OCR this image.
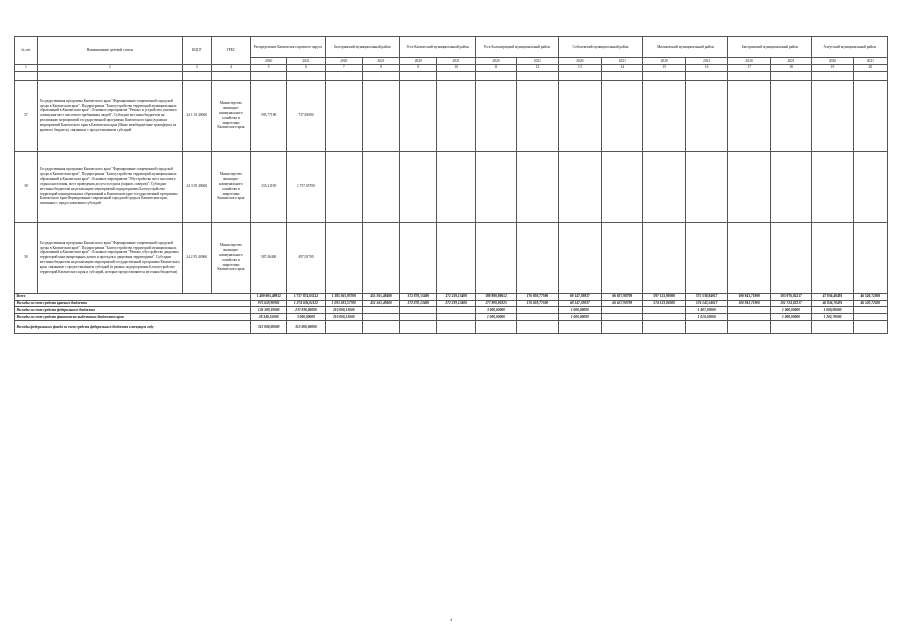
№ п/п	Наименование целевой статьи	КЦСР	ГРБС	Распределение Камчатского краевого округа		Быстринский муниципальный район		Усть-Камчатский муниципальный район		Усть-Большерецкий муниципальный район		Соболевский муниципальный район		Мильковский муниципальный район		Быстринский муниципальный район		Алеутский муниципальный район	
				2020	2021	2020	2021	2020	2021	2020	2021	2020	2021	2020	2021	2020	2021	2020	2021
1	2	3	4	5	6	7	8	9	10	11	12	13	14	15	16	17	18	19	20

37	Государственная программа Камчатского края "Формирование современной городской среды в Камчатском крае". Подпрограмма "Благоустройство территорий муниципальных образований в Камчатском крае". Основное мероприятие "Ремонт и устройство уличного освещения мест массового пребывания людей". Субсидии местным бюджетам на реализацию мероприятий государственной программы Камчатского края (в рамках мероприятий Камчатского края в Камчатском крае (Иные межбюджетные трансферты из краевого бюджета), связанные с предоставлением субсидий	24 1 03 40060	Министерство жилищно-коммунального хозяйства и энергетики Камчатского края	595,77180	737,83000														
38	Государственная программа Камчатского края "Формирование современной городской среды в Камчатском крае". Подпрограмма "Благоустройство территорий муниципальных образований в Камчатском крае". Основное мероприятие "Обустройство мест массового отдыха населения, мест проведения досуга и отдыха (парков, скверов)". Субсидии местным бюджетам на реализацию мероприятий подпрограммы Благоустройство территорий муниципальных образований в Камчатском крае государственной программы Камчатского края Формирование современной городской среды в Камчатском крае, связанные с предоставлением субсидий	24 3 05 40060	Министерство жилищно-коммунального хозяйства и энергетики Камчатского края	335,21190	1 757,05700														
39	Государственная программа Камчатского края "Формирование современной городской среды в Камчатском крае". Подпрограмма "Благоустройство территорий муниципальных образований в Камчатском крае". Основное мероприятие "Ремонт, обустройство дворовых территорий многоквартирных домов и проездов к дворовым территориям". Субсидии местным бюджетам на реализацию мероприятий государственной программы Камчатского края, связанные с предоставлением субсидий (в рамках подпрограммы Благоустройство территорий Камчатского края и субсидий, которые предоставляются местным бюджетам)	24 2 F2 40060	Министерство жилищно-коммунального хозяйства и энергетики Камчатского края	587,46400	497,93700														
Всего				1 400 005,49932	1 757 874,63122	1 383 565,95700	451 561,49400	372 870,13400	272 239,13400	180 890,80612	176 059,77500	69 147,59837	66 657,98798	597 123,90500	575 530,84017	100 943,71900	103 976,02217	47 836,40491	46 520,72050
Расходы за счет средств краевого бюджета				975 659,90985	1 274 036,01122	1 093 583,57700	451 561,49400	372 870,13400	272 239,13400	177 890,80325	176 059,77500	68 147,59837	66 657,98798	574 123,80300	574 143,54017	100 943,71900	101 724,82217	46 836,70491	46 520,72050
Расходы за счет средств федерального бюджета				126 309,19000	237 830,00000	210 000,13000				3 000,00000		1 000,00000			1 487,30000		1 000,00000	1 000,00000	
Расходы за счет средств фактически выделенных бюджетом края				38 349,55000	3 000,00000	210 000,13000				1 000,00000		1 000,00000			1 010,50000		1 000,00000	1 202,70000	
Расходы федерального фонда за счет средств федерального бюджета в текущем году				312 000,00000	315 000,00000														
4
